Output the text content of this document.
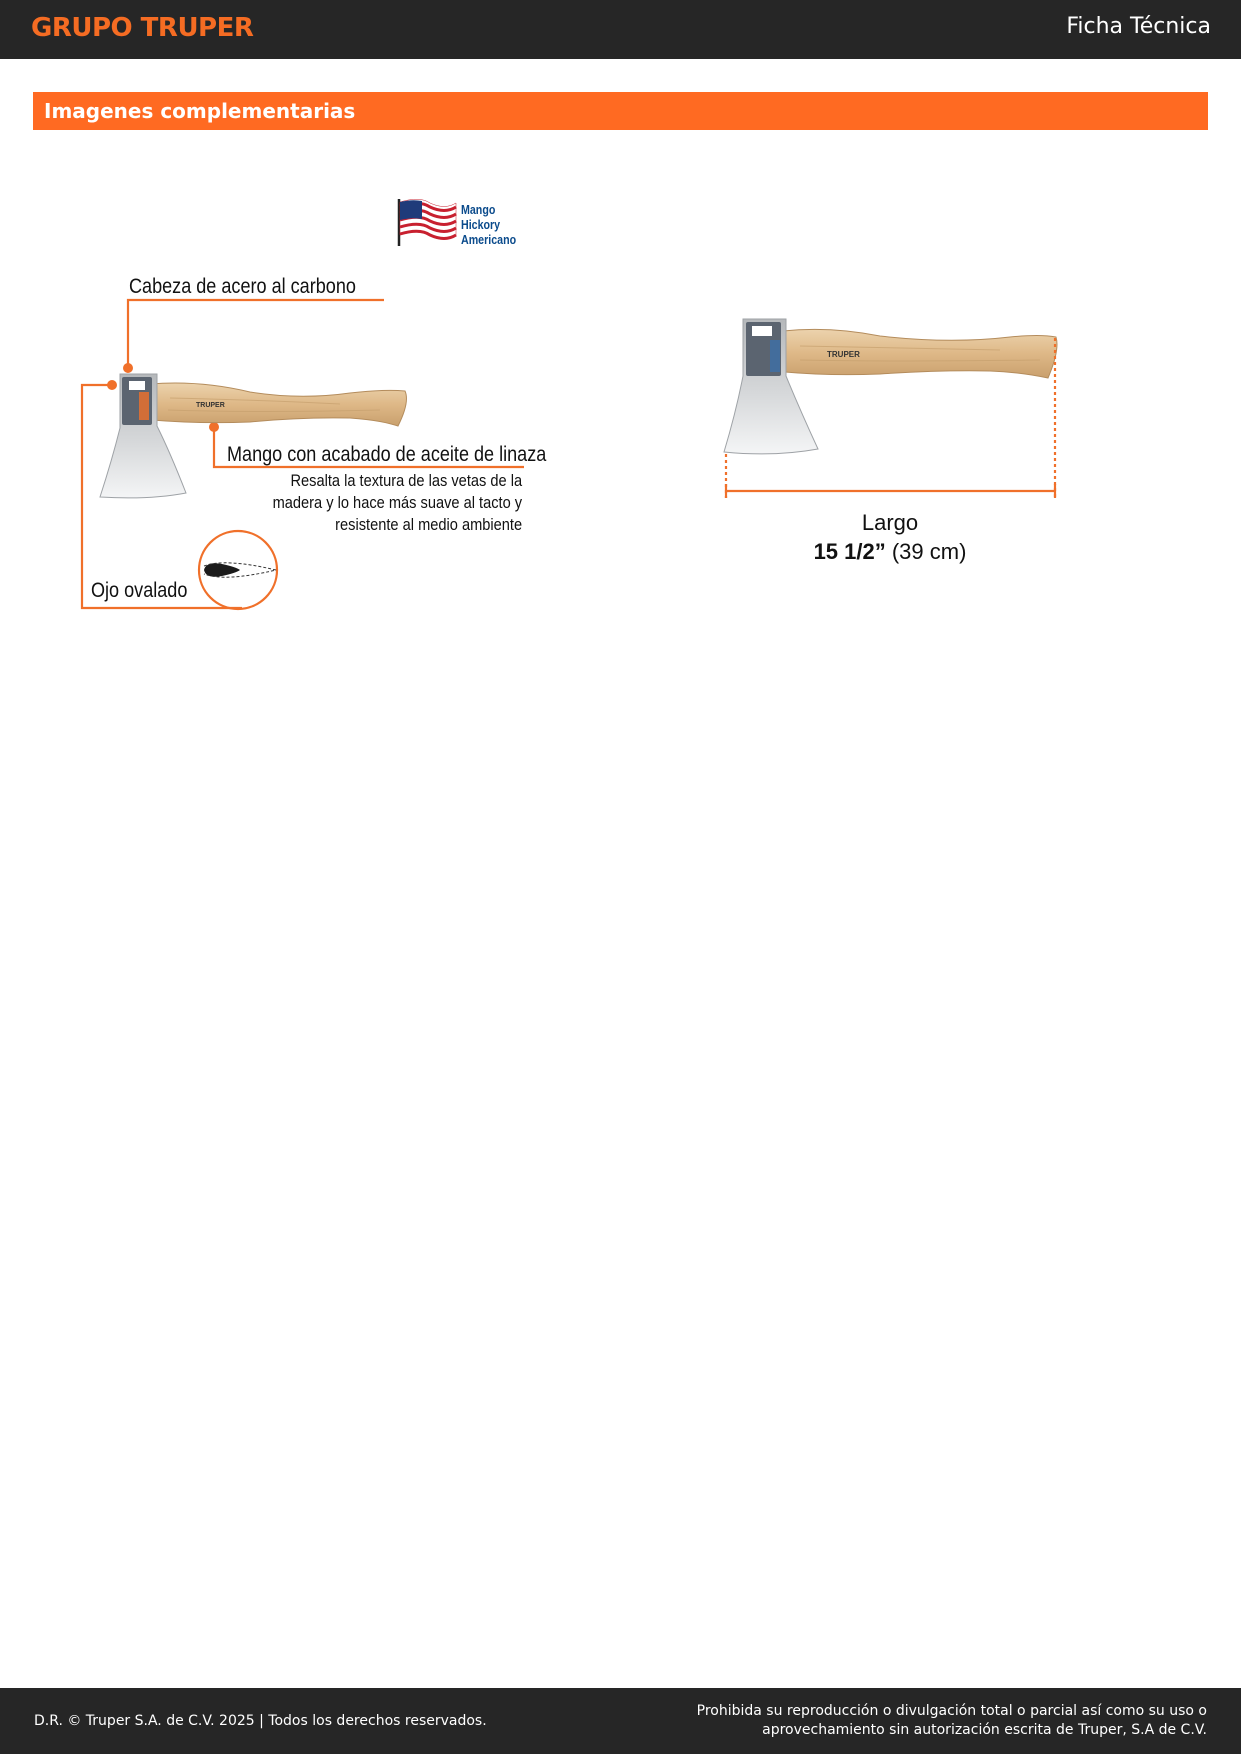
GRUPO TRUPER	Ficha Técnica
Imagenes complementarias
TRUPER
TRUPER
Mango
Hickory
Americano
Cabeza de acero al carbono
Mango con acabado de aceite de linaza
Resalta la textura de las vetas de la
madera y lo hace más suave al tacto y
resistente al medio ambiente
Ojo ovalado
Largo
15 1/2” (39 cm)
D.R. © Truper S.A. de C.V. 2025 | Todos los derechos reservados.
Prohibida su reproducción o divulgación total o parcial así como su uso o
aprovechamiento sin autorización escrita de Truper, S.A de C.V.
